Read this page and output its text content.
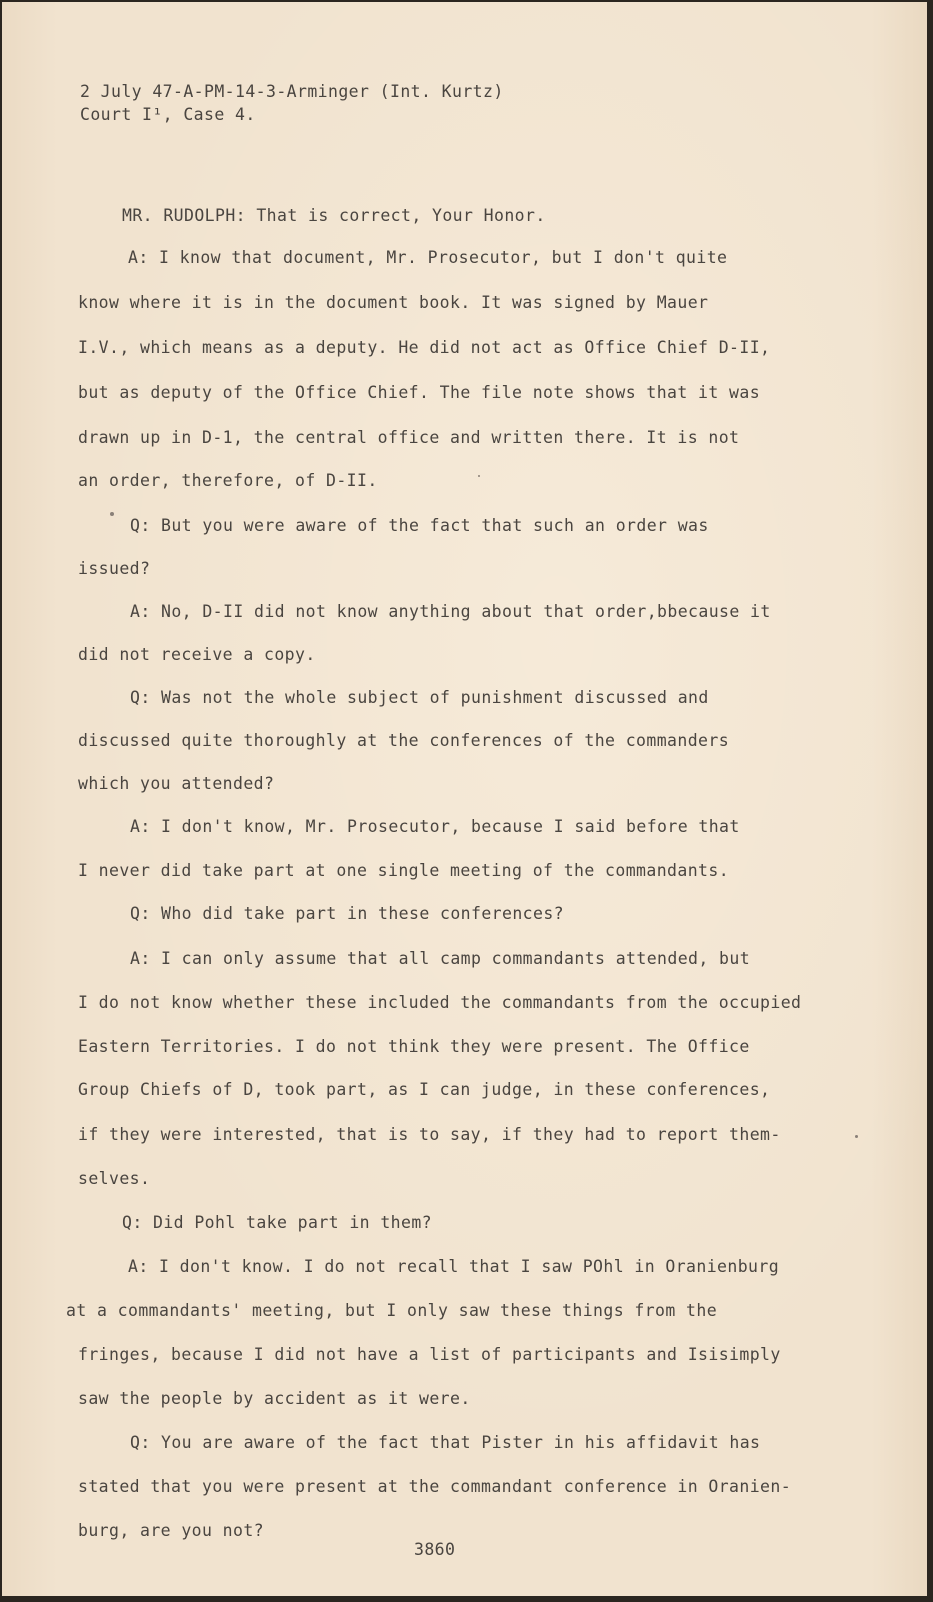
2 July 47-A-PM-14-3-Arminger (Int. Kurtz)
Court I¹, Case 4.
MR. RUDOLPH: That is correct, Your Honor.
A: I know that document, Mr. Prosecutor, but I don't quite
know where it is in the document book. It was signed by Mauer
I.V., which means as a deputy. He did not act as Office Chief D-II,
but as deputy of the Office Chief. The file note shows that it was
drawn up in D-1, the central office and written there. It is not
an order, therefore, of D-II.
Q: But you were aware of the fact that such an order was
issued?
A: No, D-II did not know anything about that order,bbecause it
did not receive a copy.
Q: Was not the whole subject of punishment discussed and
discussed quite thoroughly at the conferences of the commanders
which you attended?
A: I don't know, Mr. Prosecutor, because I said before that
I never did take part at one single meeting of the commandants.
Q: Who did take part in these conferences?
A: I can only assume that all camp commandants attended, but
I do not know whether these included the commandants from the occupied
Eastern Territories. I do not think they were present. The Office
Group Chiefs of D, took part, as I can judge, in these conferences,
if they were interested, that is to say, if they had to report them-
selves.
Q: Did Pohl take part in them?
A: I don't know. I do not recall that I saw POhl in Oranienburg
at a commandants' meeting, but I only saw these things from the
fringes, because I did not have a list of participants and Isisimply
saw the people by accident as it were.
Q: You are aware of the fact that Pister in his affidavit has
stated that you were present at the commandant conference in Oranien-
burg, are you not?
3860
